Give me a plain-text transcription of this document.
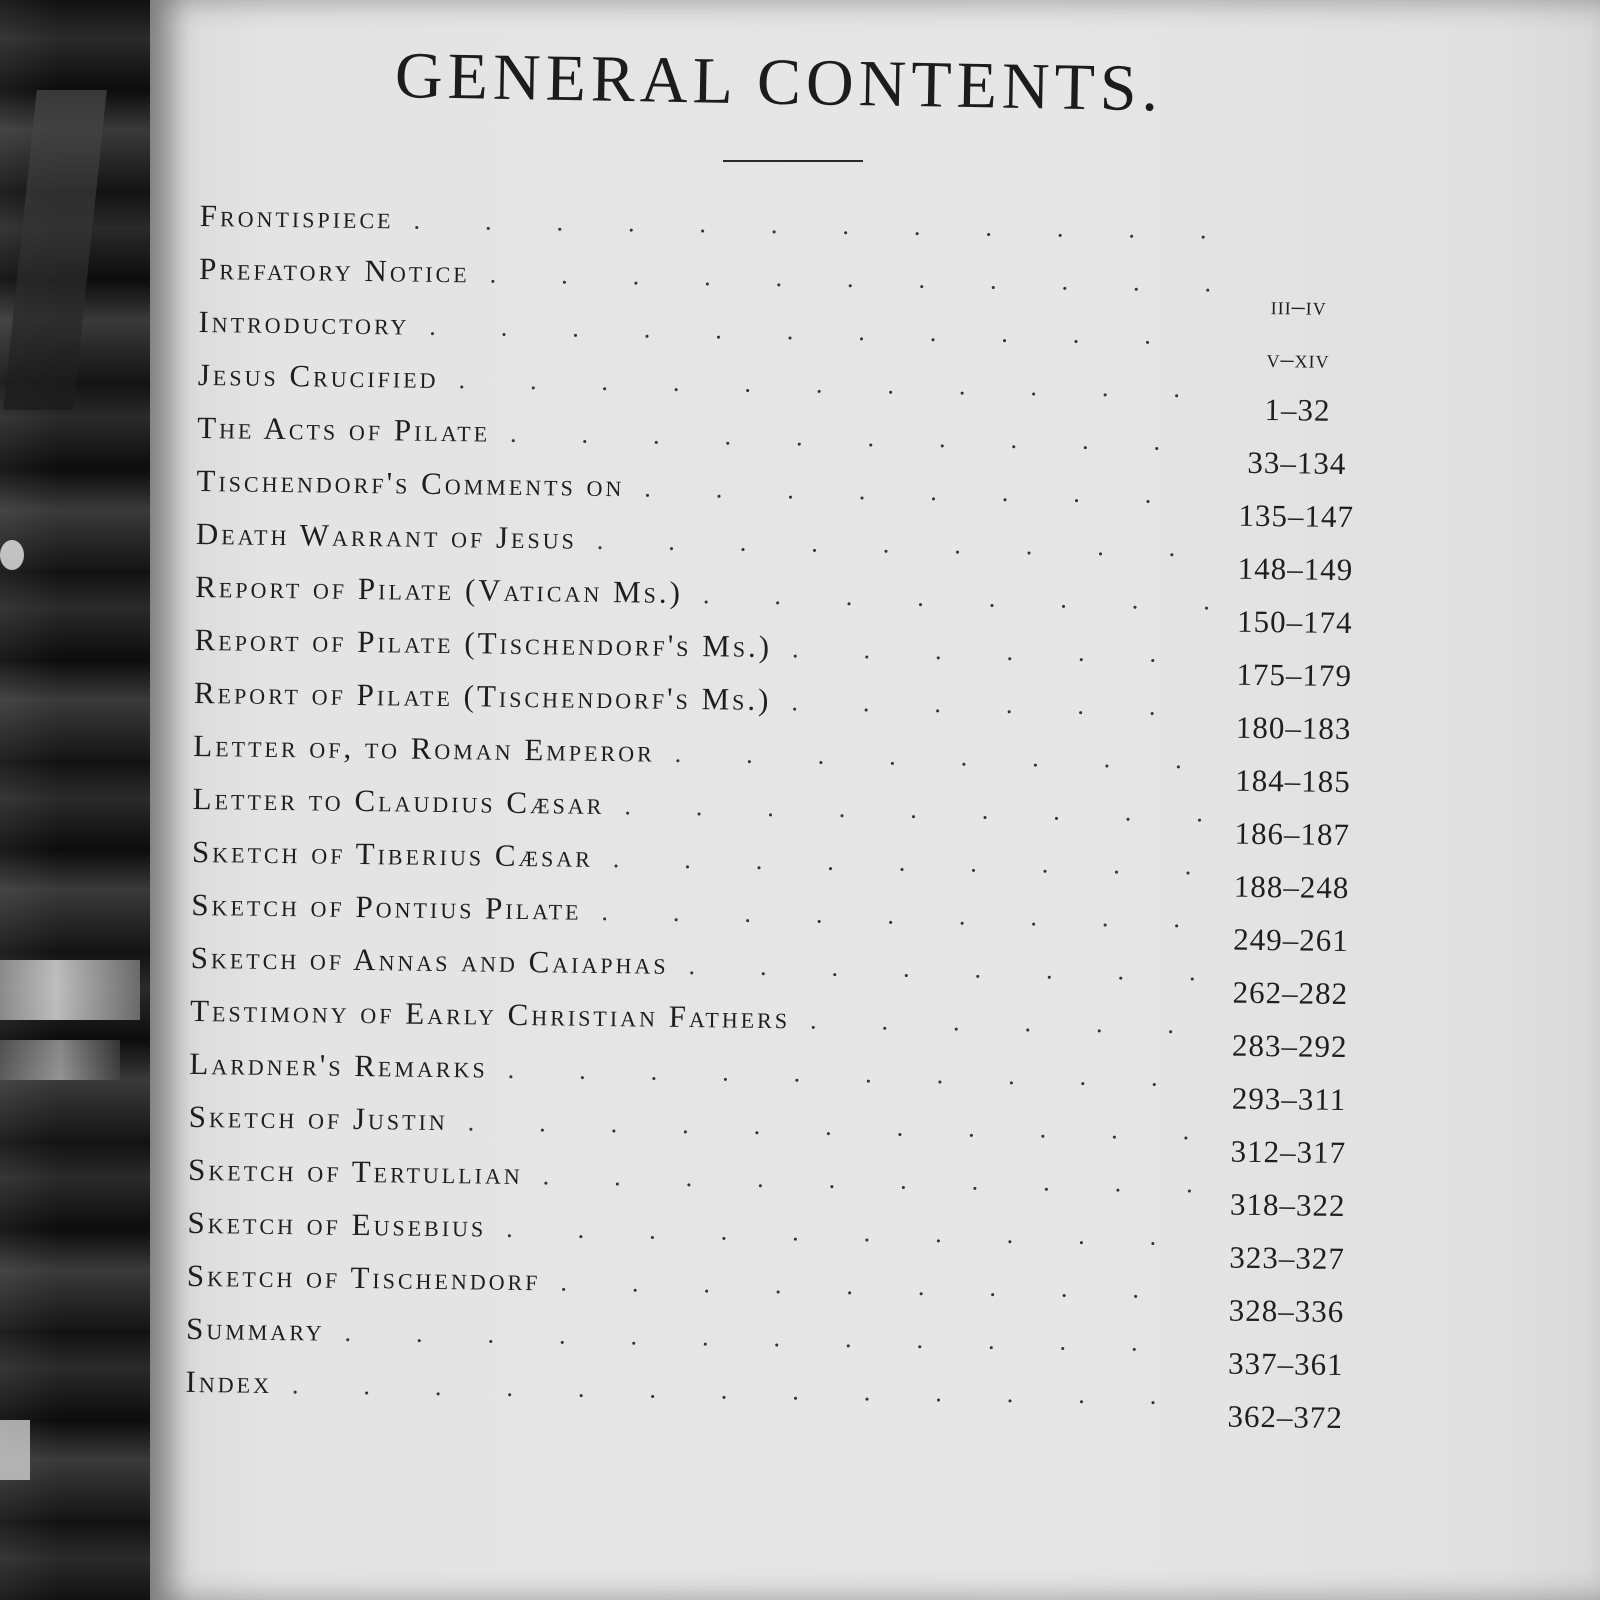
GENERAL CONTENTS.
Frontispiece
.
Prefatory Notice
.
iii–iv
Introductory
.
v–xiv
Jesus Crucified
.
1–32
The Acts of Pilate
.
33–134
Tischendorf's Comments on
.
135–147
Death Warrant of Jesus
.
148–149
Report of Pilate (Vatican Ms.)
.
150–174
Report of Pilate (Tischendorf's Ms.)
.
175–179
Report of Pilate (Tischendorf's Ms.)
.
180–183
Letter of, to Roman Emperor
.
184–185
Letter to Claudius Cæsar
.
186–187
Sketch of Tiberius Cæsar
.
188–248
Sketch of Pontius Pilate
.
249–261
Sketch of Annas and Caiaphas
.
262–282
Testimony of Early Christian Fathers
.
283–292
Lardner's Remarks
.
293–311
Sketch of Justin
.
312–317
Sketch of Tertullian
.
318–322
Sketch of Eusebius
.
323–327
Sketch of Tischendorf
.
328–336
Summary
.
337–361
Index
.
362–372
